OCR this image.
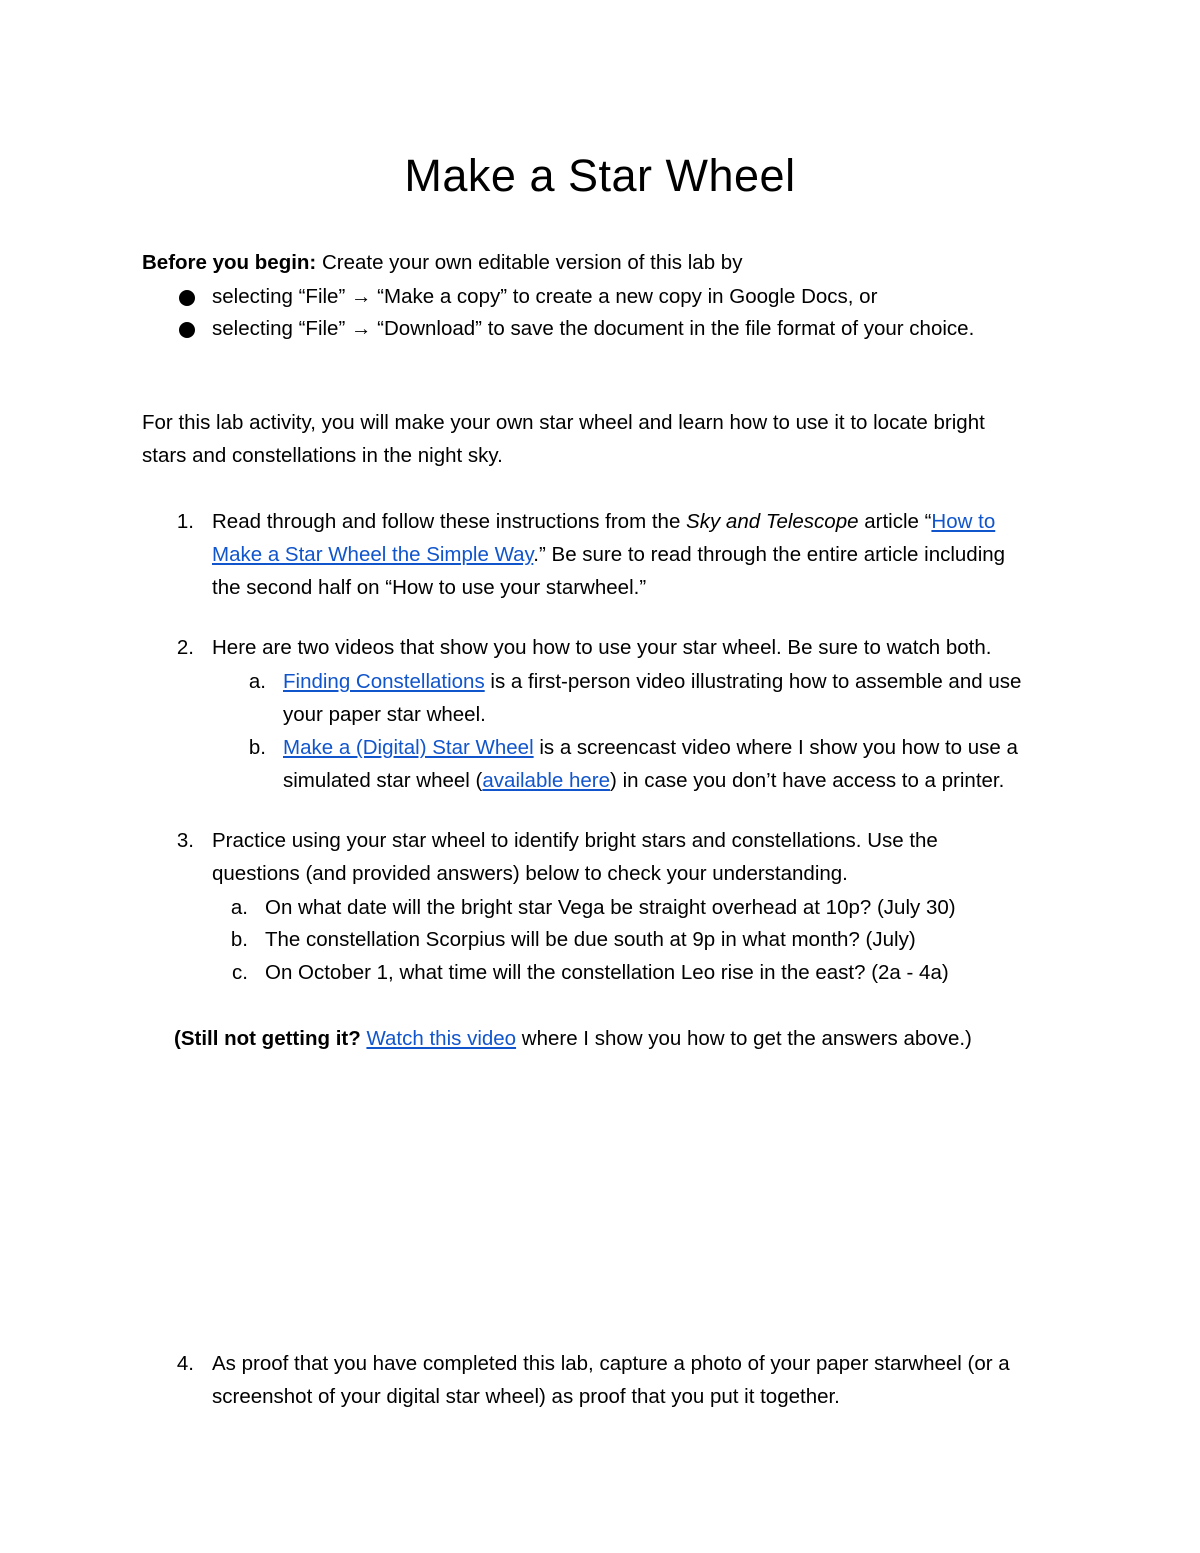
Make a Star Wheel
Before you begin: Create your own editable version of this lab by
selecting “File” → “Make a copy” to create a new copy in Google Docs, or
selecting “File” → “Download” to save the document in the file format of your choice.
For this lab activity, you will make your own star wheel and learn how to use it to locate bright
stars and constellations in the night sky.
1. Read through and follow these instructions from the Sky and Telescope article “How to
Make a Star Wheel the Simple Way.” Be sure to read through the entire article including
the second half on “How to use your starwheel.”
2. Here are two videos that show you how to use your star wheel. Be sure to watch both.
a. Finding Constellations is a first-person video illustrating how to assemble and use
your paper star wheel.
b. Make a (Digital) Star Wheel is a screencast video where I show you how to use a
simulated star wheel (available here) in case you don’t have access to a printer.
3. Practice using your star wheel to identify bright stars and constellations. Use the
questions (and provided answers) below to check your understanding.
a. On what date will the bright star Vega be straight overhead at 10p? (July 30)
b. The constellation Scorpius will be due south at 9p in what month? (July)
c. On October 1, what time will the constellation Leo rise in the east? (2a - 4a)
(Still not getting it? Watch this video where I show you how to get the answers above.)
4. As proof that you have completed this lab, capture a photo of your paper starwheel (or a
screenshot of your digital star wheel) as proof that you put it together.
